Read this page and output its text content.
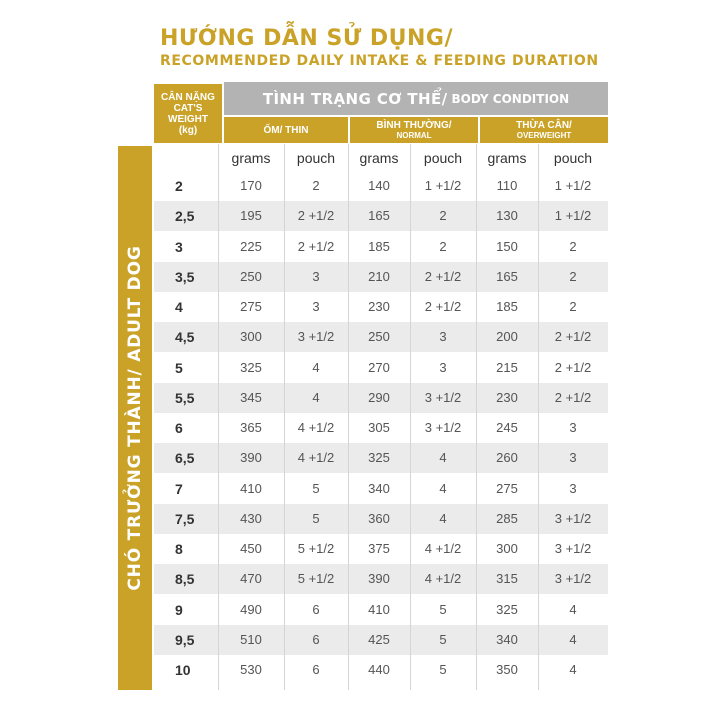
HƯỚNG DẪN SỬ DỤNG/
RECOMMENDED DAILY INTAKE & FEEDING DURATION
CHÓ TRƯỞNG THÀNH/ ADULT DOG
CÂN NẶNG
CAT'S
WEIGHT
(kg)
TÌNH TRẠNG CƠ THỂ/ BODY CONDITION
ỐM/ THIN	BÌNH THƯỜNG/
NORMAL
THỪA CÂN/
OVERWEIGHT
grams	pouch	grams	pouch	grams	pouch
2	170	2	140	1 +1/2	110	1 +1/2
2,5	195	2 +1/2	165	2	130	1 +1/2
3	225	2 +1/2	185	2	150	2
3,5	250	3	210	2 +1/2	165	2
4	275	3	230	2 +1/2	185	2
4,5	300	3 +1/2	250	3	200	2 +1/2
5	325	4	270	3	215	2 +1/2
5,5	345	4	290	3 +1/2	230	2 +1/2
6	365	4 +1/2	305	3 +1/2	245	3
6,5	390	4 +1/2	325	4	260	3
7	410	5	340	4	275	3
7,5	430	5	360	4	285	3 +1/2
8	450	5 +1/2	375	4 +1/2	300	3 +1/2
8,5	470	5 +1/2	390	4 +1/2	315	3 +1/2
9	490	6	410	5	325	4
9,5	510	6	425	5	340	4
10	530	6	440	5	350	4
